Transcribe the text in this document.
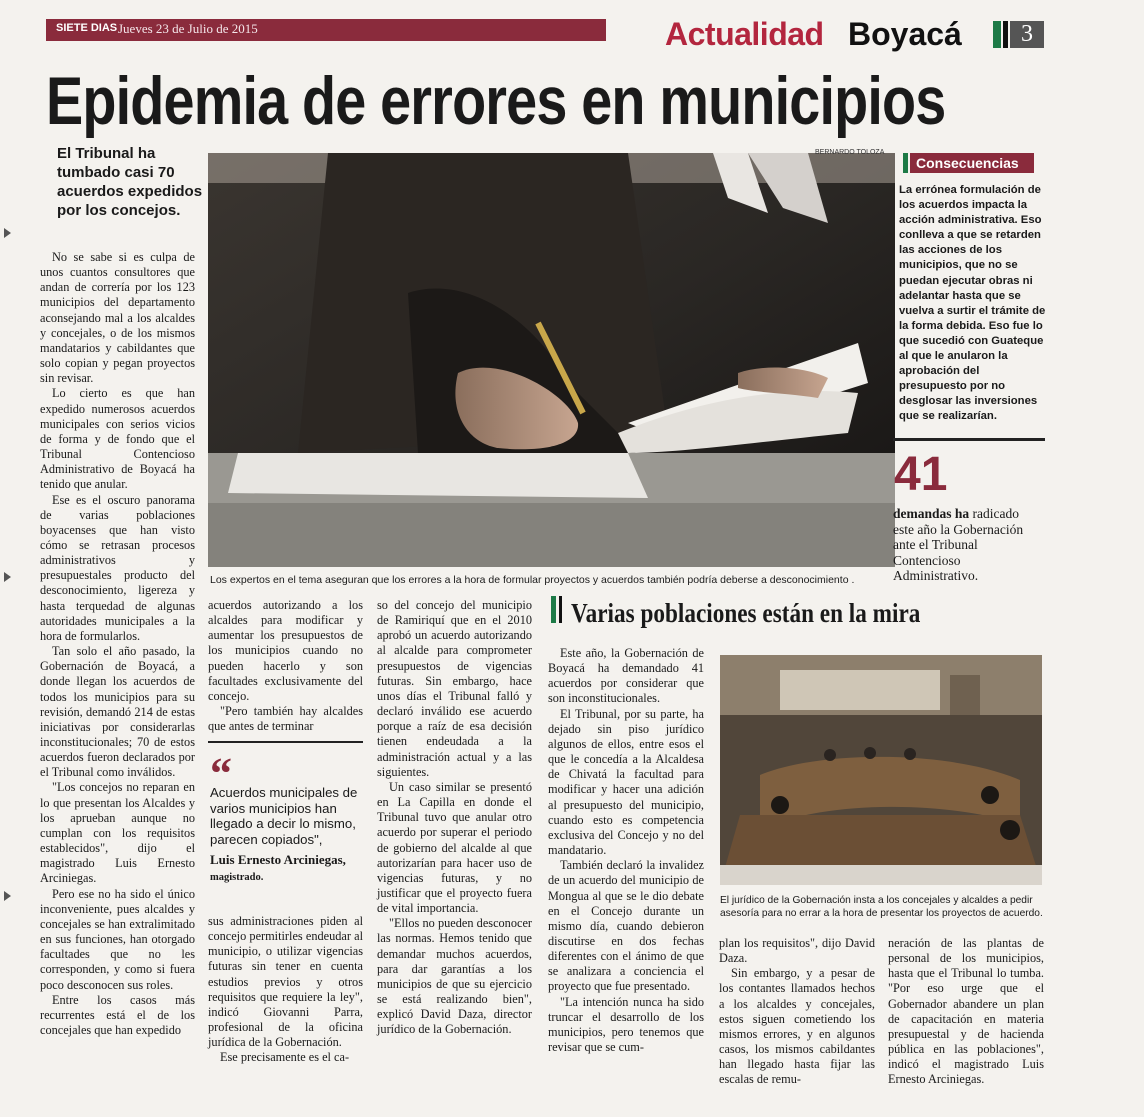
SIETE DIAS Jueves 23 de Julio de 2015	Actualidad Boyacá	3
Epidemia de errores en municipios
El Tribunal ha tumbado casi 70 acuerdos expedidos por los concejos.

No se sabe si es culpa de unos cuantos consultores que andan de correría por los 123 municipios del departamento aconsejando mal a los alcaldes y concejales, o de los mismos mandatarios y cabildantes que solo copian y pegan proyectos sin revisar.

Lo cierto es que han expedido numerosos acuerdos municipales con serios vicios de forma y de fondo que el Tribunal Contencioso Administrativo de Boyacá ha tenido que anular.

Ese es el oscuro panorama de varias poblaciones boyacenses que han visto cómo se retrasan procesos administrativos y presupuestales producto del desconocimiento, ligereza y hasta terquedad de algunas autoridades municipales a la hora de formularlos.

Tan solo el año pasado, la Gobernación de Boyacá, a donde llegan los acuerdos de todos los municipios para su revisión, demandó 214 de estas iniciativas por considerarlas inconstitucionales; 70 de estos acuerdos fueron declarados por el Tribunal como inválidos.

"Los concejos no reparan en lo que presentan los Alcaldes y los aprueban aunque no cumplan con los requisitos establecidos", dijo el magistrado Luis Ernesto Arciniegas.

Pero ese no ha sido el único inconveniente, pues alcaldes y concejales se han extralimitado en sus funciones, han otorgado facultades que no les corresponden, y como si fuera poco desconocen sus roles.

Entre los casos más recurrentes está el de los concejales que han expedido

BERNARDO TOLOZA
Los expertos en el tema aseguran que los errores a la hora de formular proyectos y acuerdos también podría deberse a desconocimiento .
Consecuencias
La errónea formulación de los acuerdos impacta la acción administrativa. Eso conlleva a que se retarden las acciones de los municipios, que no se puedan ejecutar obras ni adelantar hasta que se vuelva a surtir el trámite de la forma debida. Eso fue lo que sucedió con Guateque al que le anularon la aprobación del presupuesto por no desglosar las inversiones que se realizarían.
41
demandas ha radicado este año la Gobernación ante el Tribunal Contencioso Administrativo.

acuerdos autorizando a los alcaldes para modificar y aumentar los presupuestos de los municipios cuando no pueden hacerlo y son facultades exclusivamente del concejo.

"Pero también hay alcaldes que antes de terminar

“
Acuerdos municipales de varios municipios han llegado a decir lo mismo, parecen copiados",
Luis Ernesto Arciniegas, magistrado.

sus administraciones piden al concejo permitirles endeudar al municipio, o utilizar vigencias futuras sin tener en cuenta estudios previos y otros requisitos que requiere la ley", indicó Giovanni Parra, profesional de la oficina jurídica de la Gobernación.

Ese precisamente es el ca-

so del concejo del municipio de Ramiriquí que en el 2010 aprobó un acuerdo autorizando al alcalde para comprometer presupuestos de vigencias futuras. Sin embargo, hace unos días el Tribunal falló y declaró inválido ese acuerdo porque a raíz de esa decisión tienen endeudada a la administración actual y a las siguientes.

Un caso similar se presentó en La Capilla en donde el Tribunal tuvo que anular otro acuerdo por superar el periodo de gobierno del alcalde al que autorizarían para hacer uso de vigencias futuras, y no justificar que el proyecto fuera de vital importancia.

"Ellos no pueden desconocer las normas. Hemos tenido que demandar muchos acuerdos, para dar garantías a los municipios de que su ejercicio se está realizando bien", explicó David Daza, director jurídico de la Gobernación.

Varias poblaciones están en la mira

Este año, la Gobernación de Boyacá ha demandado 41 acuerdos por considerar que son inconstitucionales.

El Tribunal, por su parte, ha dejado sin piso jurídico algunos de ellos, entre esos el que le concedía a la Alcaldesa de Chivatá la facultad para modificar y hacer una adición al presupuesto del municipio, cuando esto es competencia exclusiva del Concejo y no del mandatario.

También declaró la invalidez de un acuerdo del municipio de Mongua al que se le dio debate en el Concejo durante un mismo día, cuando debieron discutirse en dos fechas diferentes con el ánimo de que se analizara a conciencia el proyecto que fue presentado.

"La intención nunca ha sido truncar el desarrollo de los municipios, pero tenemos que revisar que se cum-

El jurídico de la Gobernación insta a los concejales y alcaldes a pedir asesoría para no errar a la hora de presentar los proyectos de acuerdo.

plan los requisitos", dijo David Daza.

Sin embargo, y a pesar de los contantes llamados hechos a los alcaldes y concejales, estos siguen cometiendo los mismos errores, y en algunos casos, los mismos cabildantes han llegado hasta fijar las escalas de remu-

neración de las plantas de personal de los municipios, hasta que el Tribunal lo tumba. "Por eso urge que el Gobernador abandere un plan de capacitación en materia presupuestal y de hacienda pública en las poblaciones", indicó el magistrado Luis Ernesto Arciniegas.
